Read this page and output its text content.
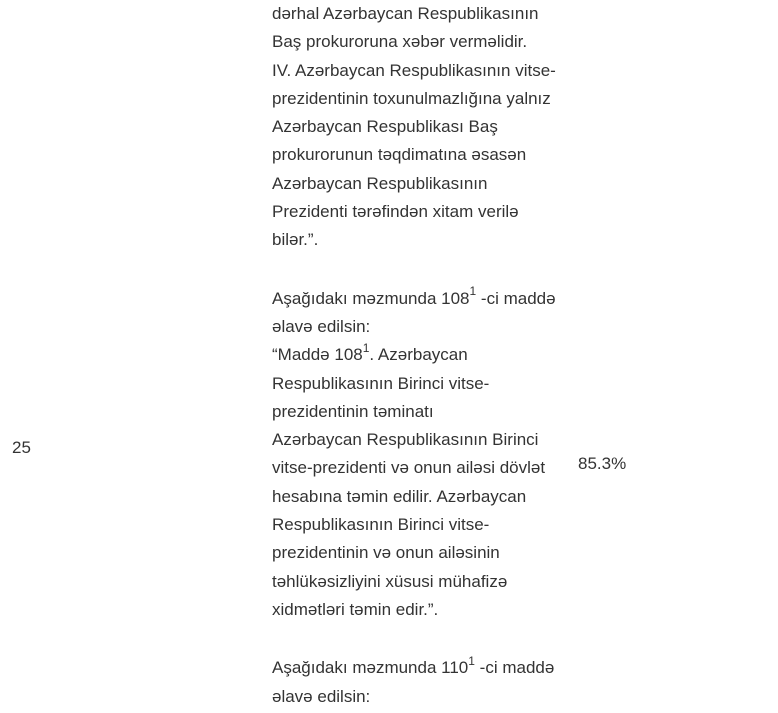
25
85.3%
dərhal Azərbaycan Respublikasının
Baş prokuroruna xəbər verməlidir.
IV. Azərbaycan Respublikasının vitse-
prezidentinin toxunulmazlığına yalnız
Azərbaycan Respublikası Baş
prokurorunun təqdimatına əsasən
Azərbaycan Respublikasının
Prezidenti tərəfindən xitam verilə
bilər.”.
Aşağıdakı məzmunda $108^1$ -ci maddə
əlavə edilsin:
“Maddə $108^1$. Azərbaycan
Respublikasının Birinci vitse-
prezidentinin təminatı
Azərbaycan Respublikasının Birinci
vitse-prezidenti və onun ailəsi dövlət
hesabına təmin edilir. Azərbaycan
Respublikasının Birinci vitse-
prezidentinin və onun ailəsinin
təhlükəsizliyini xüsusi mühafizə
xidmətləri təmin edir.”.
Aşağıdakı məzmunda $110^1$ -ci maddə
əlavə edilsin:
